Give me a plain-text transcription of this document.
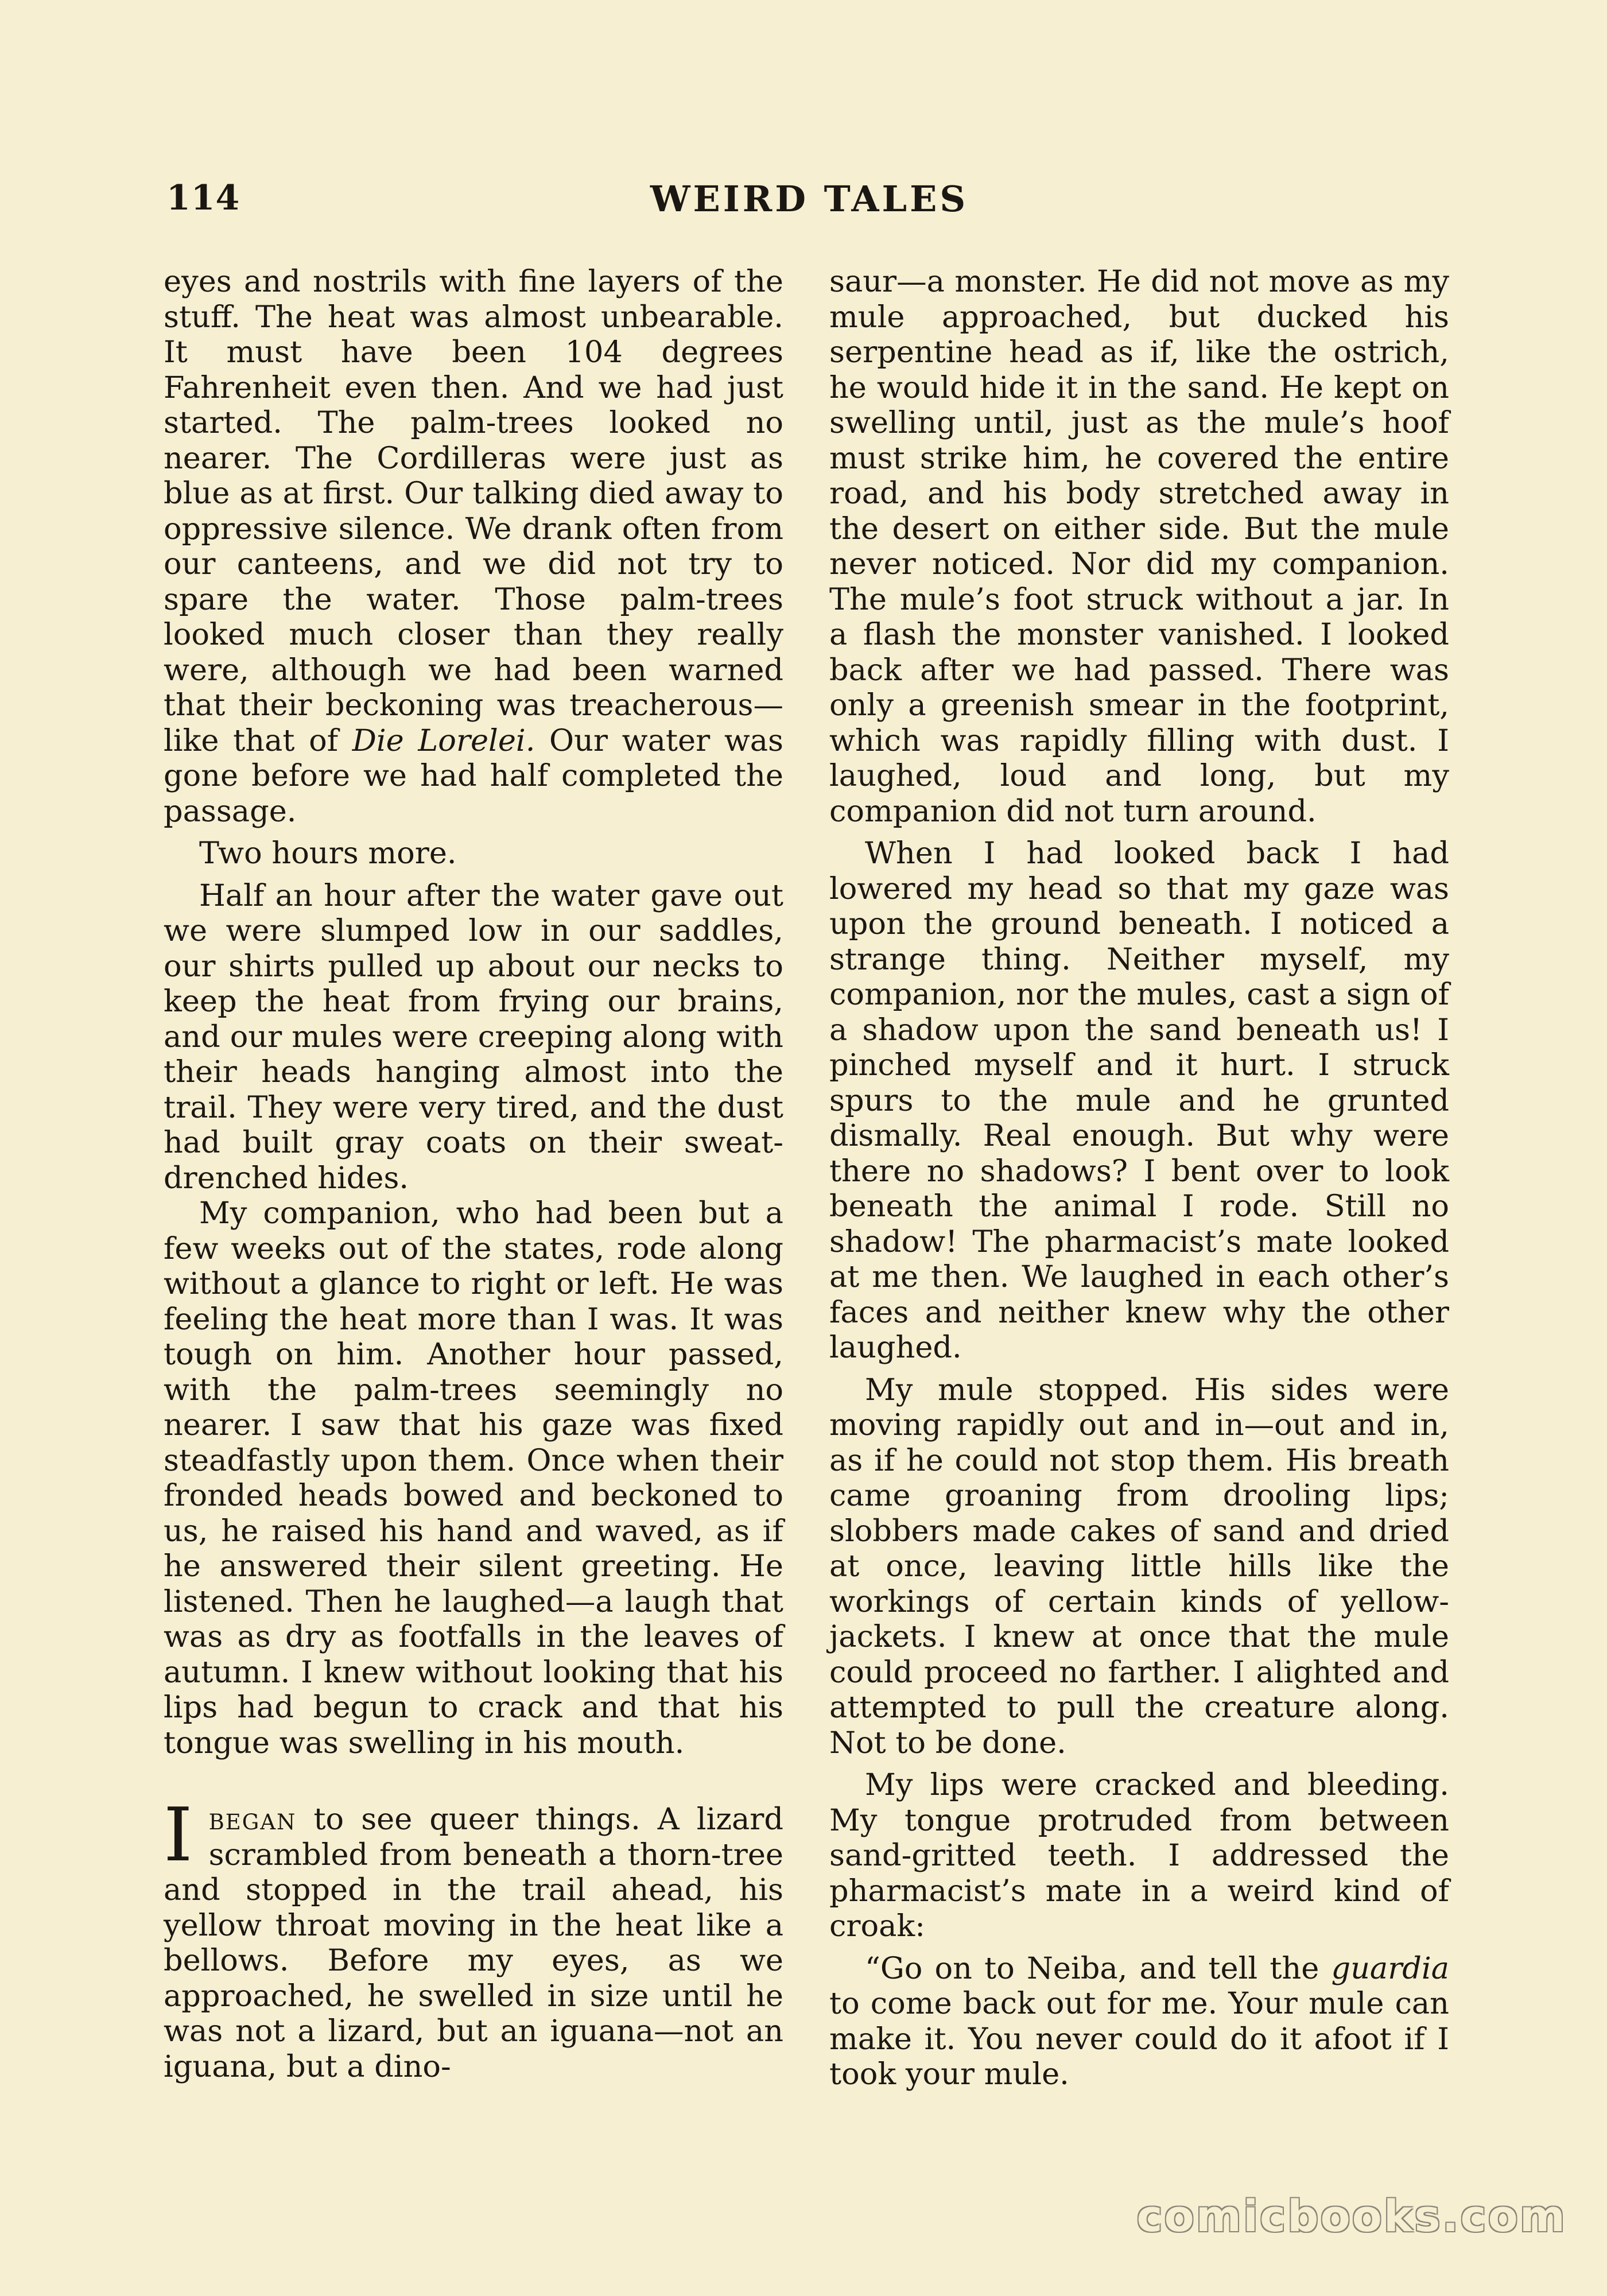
114	WEIRD TALES

eyes and nostrils with fine layers of the stuff. The heat was almost unbearable. It must have been 104 degrees Fahrenheit even then. And we had just started. The palm-trees looked no nearer. The Cordilleras were just as blue as at first. Our talking died away to oppressive silence. We drank often from our canteens, and we did not try to spare the water. Those palm-trees looked much closer than they really were, although we had been warned that their beckoning was treacherous—like that of Die Lorelei. Our water was gone before we had half completed the passage.

Two hours more.

Half an hour after the water gave out we were slumped low in our saddles, our shirts pulled up about our necks to keep the heat from frying our brains, and our mules were creeping along with their heads hanging almost into the trail. They were very tired, and the dust had built gray coats on their sweat-drenched hides.

My companion, who had been but a few weeks out of the states, rode along without a glance to right or left. He was feeling the heat more than I was. It was tough on him. Another hour passed, with the palm-trees seemingly no nearer. I saw that his gaze was fixed steadfastly upon them. Once when their fronded heads bowed and beckoned to us, he raised his hand and waved, as if he answered their silent greeting. He listened. Then he laughed—a laugh that was as dry as footfalls in the leaves of autumn. I knew without looking that his lips had begun to crack and that his tongue was swelling in his mouth.

Ibegan to see queer things. A lizard scrambled from beneath a thorn-tree and stopped in the trail ahead, his yellow throat moving in the heat like a bellows. Before my eyes, as we approached, he swelled in size until he was not a lizard, but an iguana—not an iguana, but a dino-

saur—a monster. He did not move as my mule approached, but ducked his serpentine head as if, like the ostrich, he would hide it in the sand. He kept on swelling until, just as the mule’s hoof must strike him, he covered the entire road, and his body stretched away in the desert on either side. But the mule never noticed. Nor did my companion. The mule’s foot struck without a jar. In a flash the monster vanished. I looked back after we had passed. There was only a greenish smear in the footprint, which was rapidly filling with dust. I laughed, loud and long, but my companion did not turn around.

When I had looked back I had lowered my head so that my gaze was upon the ground beneath. I noticed a strange thing. Neither myself, my companion, nor the mules, cast a sign of a shadow upon the sand beneath us! I pinched myself and it hurt. I struck spurs to the mule and he grunted dismally. Real enough. But why were there no shadows? I bent over to look beneath the animal I rode. Still no shadow! The pharmacist’s mate looked at me then. We laughed in each other’s faces and neither knew why the other laughed.

My mule stopped. His sides were moving rapidly out and in—out and in, as if he could not stop them. His breath came groaning from drooling lips; slobbers made cakes of sand and dried at once, leaving little hills like the workings of certain kinds of yellow-jackets. I knew at once that the mule could proceed no farther. I alighted and attempted to pull the creature along. Not to be done.

My lips were cracked and bleeding. My tongue protruded from between sand-gritted teeth. I addressed the pharmacist’s mate in a weird kind of croak:

“Go on to Neiba, and tell the guardia to come back out for me. Your mule can make it. You never could do it afoot if I took your mule.

comicbooks.com
